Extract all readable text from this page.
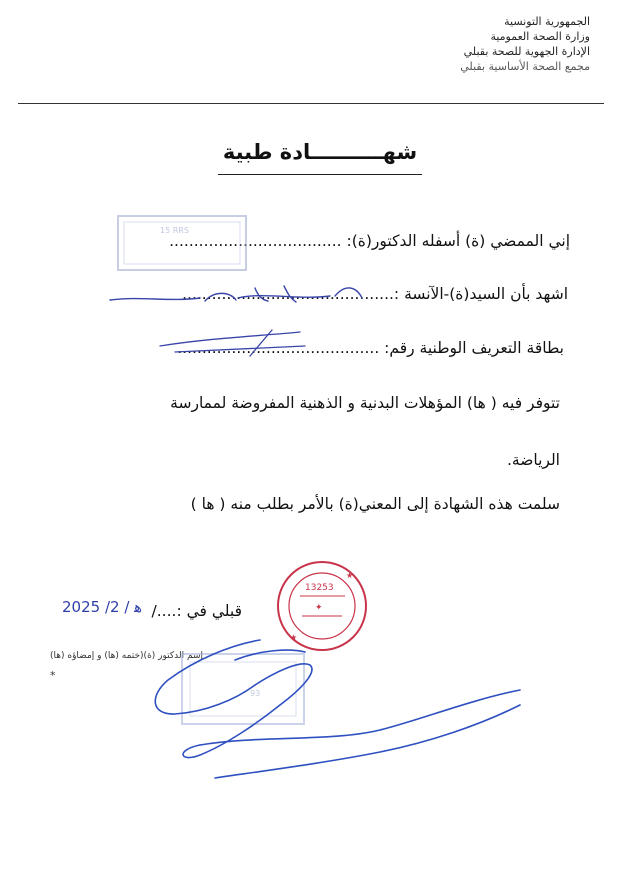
الجمهورية التونسية
وزارة الصحة العمومية
الإدارة الجهوية للصحة بقبلي
مجمع الصحة الأساسية بقبلي
شهــــــــــادة طبية
إني الممضي (ة) أسفله الدكتور(ة): ...................................
اشهد بأن السيد(ة)-الآنسة :...........................................
بطاقة التعريف الوطنية رقم: .........................................
تتوفر فيه ( ها) المؤهلات البدنية و الذهنية المفروضة لممارسة
الرياضة.
سلمت هذه الشهادة إلى المعني(ة) بالأمر بطلب منه ( ها )
قبلي في :..../
2025 /ﻫ / 2
إسم الدكتور (ة)(ختمه (ها) و إمضاؤه (ها)
*
15 RRS
93
13253
✦
★
★
